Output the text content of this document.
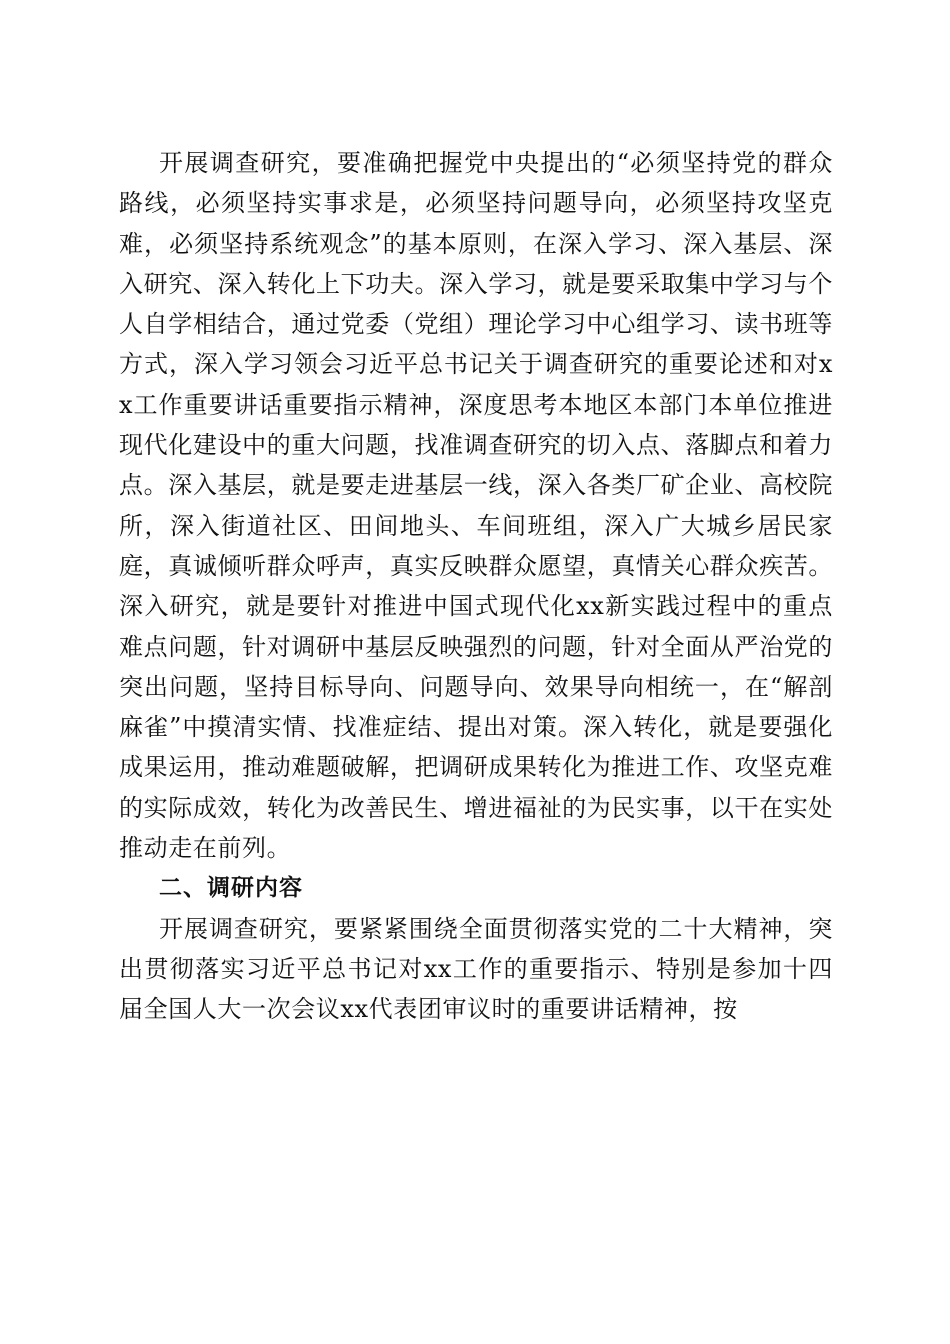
开展调查研究，要准确把握党中央提出的“必须坚持党的群众路线，必须坚持实事求是，必须坚持问题导向，必须坚持攻坚克难，必须坚持系统观念”的基本原则，在深入学习、深入基层、深入研究、深入转化上下功夫。深入学习，就是要采取集中学习与个人自学相结合，通过党委（党组）理论学习中心组学习、读书班等方式，深入学习领会习近平总书记关于调查研究的重要论述和对xx工作重要讲话重要指示精神，深度思考本地区本部门本单位推进现代化建设中的重大问题，找准调查研究的切入点、落脚点和着力点。深入基层，就是要走进基层一线，深入各类厂矿企业、高校院所，深入街道社区、田间地头、车间班组，深入广大城乡居民家庭，真诚倾听群众呼声，真实反映群众愿望，真情关心群众疾苦。深入研究，就是要针对推进中国式现代化xx新实践过程中的重点难点问题，针对调研中基层反映强烈的问题，针对全面从严治党的突出问题，坚持目标导向、问题导向、效果导向相统一，在“解剖麻雀”中摸清实情、找准症结、提出对策。深入转化，就是要强化成果运用，推动难题破解，把调研成果转化为推进工作、攻坚克难的实际成效，转化为改善民生、增进福祉的为民实事，以干在实处推动走在前列。

二、调研内容

开展调查研究，要紧紧围绕全面贯彻落实党的二十大精神，突出贯彻落实习近平总书记对xx工作的重要指示、特别是参加十四届全国人大一次会议xx代表团审议时的重要讲话精神，按
